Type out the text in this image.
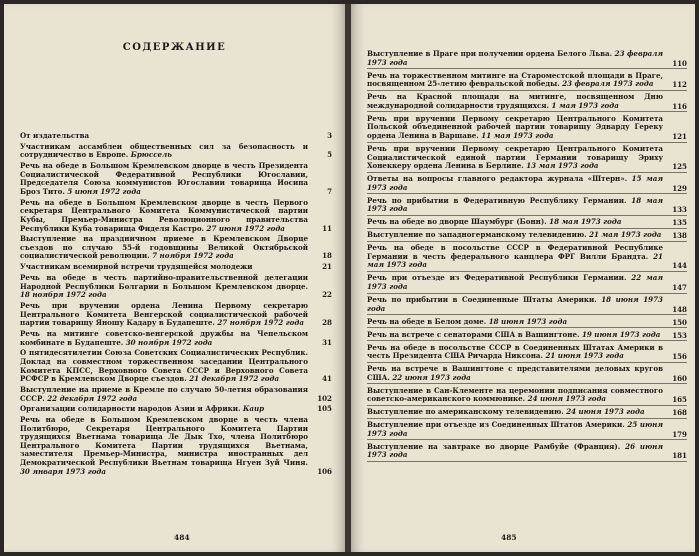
СОДЕРЖАНИЕ
От издательства	3
Участникам ассамблеи общественных сил за безопасность и сотрудничество в Европе. Брюссель	5
Речь на обеде в Большом Кремлевском дворце в честь Президента Социалистической Федеративной Республики Югославии, Председателя Союза коммунистов Югославии товарища Иосипа Броз Тито. 5 июня 1972 года	7
Речь на обеде в Большом Кремлевском дворце в честь Первого секретаря Центрального Комитета Коммунистической партии Кубы, Премьер-Министра Революционного правительства Республики Куба товарища Фиделя Кастро. 27 июня 1972 года	11
Выступление на праздничном приеме в Кремлевском Дворце съездов по случаю 55-й годовщины Великой Октябрьской социалистической революции. 7 ноября 1972 года	18
Участникам всемирной встречи трудящейся молодежи	21
Речь на обеде в честь партийно-правительственной делегации Народной Республики Болгарии в Большом Кремлевском дворце. 18 ноября 1972 года	22
Речь при вручении ордена Ленина Первому секретарю Центрального Комитета Венгерской социалистической рабочей партии товарищу Яношу Кадару в Будапеште. 27 ноября 1972 года	28
Речь на митинге советско-венгерской дружбы на Чепельском комбинате в Будапеште. 30 ноября 1972 года	31
О пятидесятилетии Союза Советских Социалистических Республик. Доклад на совместном торжественном заседании Центрального Комитета КПСС, Верховного Совета СССР и Верховного Совета РСФСР в Кремлевском Дворце съездов. 21 декабря 1972 года	41
Выступление на приеме в Кремле по случаю 50-летия образования СССР. 22 декабря 1972 года	102
Организации солидарности народов Азии и Африки. Каир	105
Речь на обеде в Большом Кремлевском дворце в честь члена Политбюро, Секретаря Центрального Комитета Партии трудящихся Вьетнама товарища Ле Дык Тхо, члена Политбюро Центрального Комитета Партии трудящихся Вьетнама, заместителя Премьер-Министра, министра иностранных дел Демократической Республики Вьетнам товарища Нгуен Зуй Чиня. 30 января 1973 года	106
484
Выступление в Праге при получении ордена Белого Льва. 23 февраля 1973 года	110
Речь на торжественном митинге на Староместской площади в Праге, посвященном 25-летию февральской победы. 23 февраля 1973 года	112
Речь на Красной площади на митинге, посвященном Дню международной солидарности трудящихся. 1 мая 1973 года	116
Речь при вручении Первому секретарю Центрального Комитета Польской объединенной рабочей партии товарищу Эдварду Гереку ордена Ленина в Варшаве. 11 мая 1973 года	121
Речь при вручении Первому секретарю Центрального Комитета Социалистической единой партии Германии товарищу Эриху Хонеккеру ордена Ленина в Берлине. 13 мая 1973 года	125
Ответы на вопросы главного редактора журнала «Штерн». 15 мая 1973 года	129
Речь по прибытии в Федеративную Республику Германии. 18 мая 1973 года	133
Речь на обеде во дворце Шаумбург (Бонн). 18 мая 1973 года	135
Выступление по западногерманскому телевидению. 21 мая 1973 года	138
Речь на обеде в посольстве СССР в Федеративной Республике Германии в честь федерального канцлера ФРГ Вилли Брандта. 21 мая 1973 года	144
Речь при отъезде из Федеративной Республики Германии. 22 мая 1973 года	147
Речь по прибытии в Соединенные Штаты Америки. 18 июня 1973 года	148
Речь на обеде в Белом доме. 18 июня 1973 года	150
Речь на встрече с сенаторами США в Вашингтоне. 19 июня 1973 года	153
Речь на обеде в посольстве СССР в Соединенных Штатах Америки в честь Президента США Ричарда Никсона. 21 июня 1973 года	156
Речь на встрече в Вашингтоне с представителями деловых кругов США. 22 июня 1973 года	160
Выступление в Сан-Клементе на церемонии подписания совместного советско-американского коммюнике. 24 июня 1973 года	165
Выступление по американскому телевидению. 24 июня 1973 года	168
Выступление при отъезде из Соединенных Штатов Америки. 25 июня 1973 года	179
Выступление на завтраке во дворце Рамбуйе (Франция). 26 июня 1973 года	181
485
